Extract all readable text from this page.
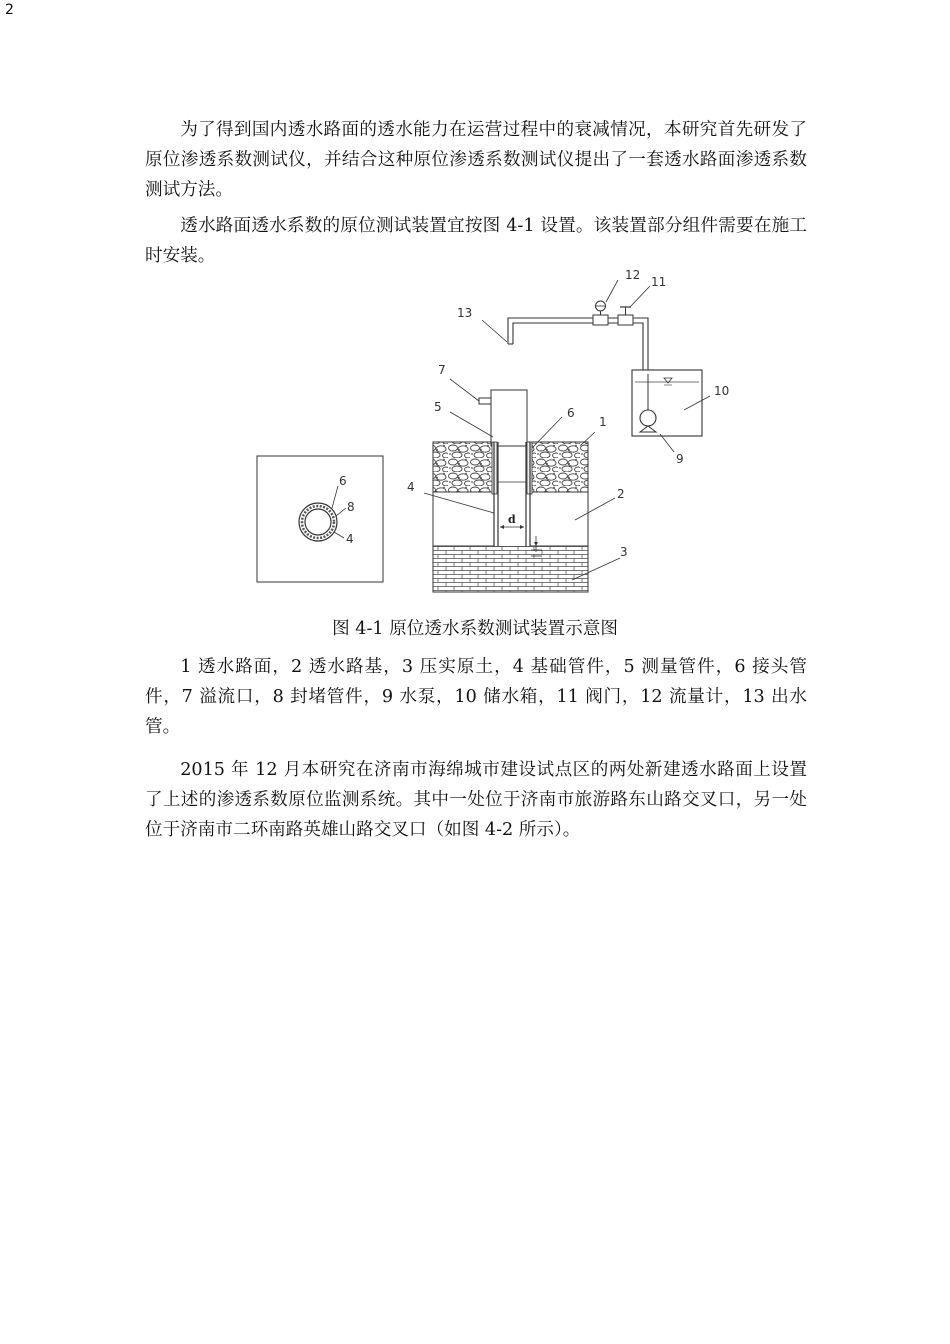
2

为了得到国内透水路面的透水能力在运营过程中的衰减情况，本研究首先研发了原位渗透系数测试仪，并结合这种原位渗透系数测试仪提出了一套透水路面渗透系数测试方法。

透水路面透水系数的原位测试装置宜按图 4-1 设置。该装置部分组件需要在施工时安装。

6
8
4
d
13
7
5	6
1
4	2
3
10
9
12 11
图 4-1 原位透水系数测试装置示意图

1 透水路面，2 透水路基，3 压实原土，4 基础管件，5 测量管件，6 接头管件，7 溢流口，8 封堵管件，9 水泵，10 储水箱，11 阀门，12 流量计，13 出水管。

2015 年 12 月本研究在济南市海绵城市建设试点区的两处新建透水路面上设置了上述的渗透系数原位监测系统。其中一处位于济南市旅游路东山路交叉口，另一处位于济南市二环南路英雄山路交叉口（如图 4-2 所示）。
